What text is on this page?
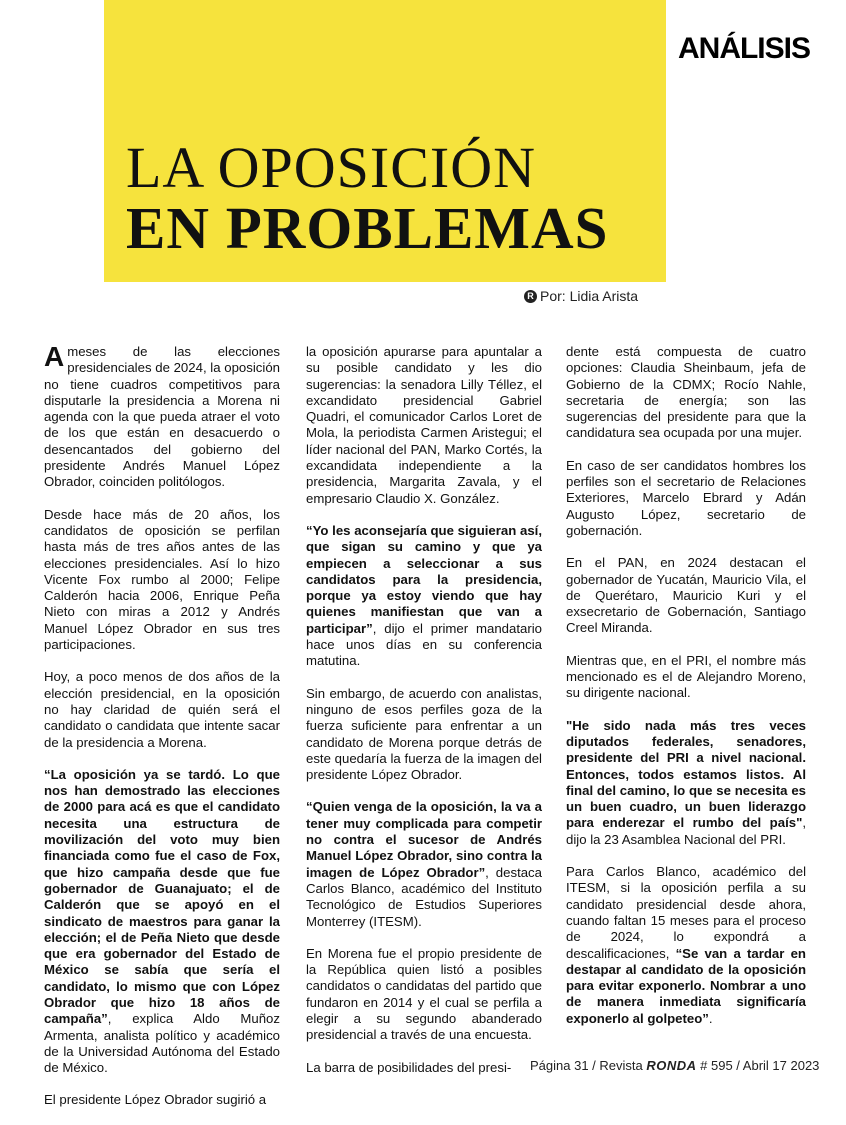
LA OPOSICIÓN
EN PROBLEMAS
ANÁLISIS
R Por: Lidia Arista

A meses de las elecciones presidenciales de 2024, la oposición no tiene cuadros competitivos para disputarle la presidencia a Morena ni agenda con la que pueda atraer el voto de los que están en desacuerdo o desencantados del gobierno del presidente Andrés Manuel López Obrador, coinciden politólogos.

Desde hace más de 20 años, los candidatos de oposición se perfilan hasta más de tres años antes de las elecciones presidenciales. Así lo hizo Vicente Fox rumbo al 2000; Felipe Calderón hacia 2006, Enrique Peña Nieto con miras a 2012 y Andrés Manuel López Obrador en sus tres participaciones.

Hoy, a poco menos de dos años de la elección presidencial, en la oposición no hay claridad de quién será el candidato o candidata que intente sacar de la presidencia a Morena.

“La oposición ya se tardó. Lo que nos han demostrado las elecciones de 2000 para acá es que el candidato necesita una estructura de movilización del voto muy bien financiada como fue el caso de Fox, que hizo campaña desde que fue gobernador de Guanajuato; el de Calderón que se apoyó en el sindicato de maestros para ganar la elección; el de Peña Nieto que desde que era gobernador del Estado de México se sabía que sería el candidato, lo mismo que con López Obrador que hizo 18 años de campaña”, explica Aldo Muñoz Armenta, analista político y académico de la Universidad Autónoma del Estado de México.

El presidente López Obrador sugirió a

la oposición apurarse para apuntalar a su posible candidato y les dio sugerencias: la senadora Lilly Téllez, el excandidato presidencial Gabriel Quadri, el comunicador Carlos Loret de Mola, la periodista Carmen Aristegui; el líder nacional del PAN, Marko Cortés, la excandidata independiente a la presidencia, Margarita Zavala, y el empresario Claudio X. González.

“Yo les aconsejaría que siguieran así, que sigan su camino y que ya empiecen a seleccionar a sus candidatos para la presidencia, porque ya estoy viendo que hay quienes manifiestan que van a participar”, dijo el primer mandatario hace unos días en su conferencia matutina.

Sin embargo, de acuerdo con analistas, ninguno de esos perfiles goza de la fuerza suficiente para enfrentar a un candidato de Morena porque detrás de este quedaría la fuerza de la imagen del presidente López Obrador.

“Quien venga de la oposición, la va a tener muy complicada para competir no contra el sucesor de Andrés Manuel López Obrador, sino contra la imagen de López Obrador”, destaca Carlos Blanco, académico del Instituto Tecnológico de Estudios Superiores Monterrey (ITESM).

En Morena fue el propio presidente de la República quien listó a posibles candidatos o candidatas del partido que fundaron en 2014 y el cual se perfila a elegir a su segundo abanderado presidencial a través de una encuesta.

La barra de posibilidades del presi-

dente está compuesta de cuatro opciones: Claudia Sheinbaum, jefa de Gobierno de la CDMX; Rocío Nahle, secretaria de energía; son las sugerencias del presidente para que la candidatura sea ocupada por una mujer.

En caso de ser candidatos hombres los perfiles son el secretario de Relaciones Exteriores, Marcelo Ebrard y Adán Augusto López, secretario de gobernación.

En el PAN, en 2024 destacan el gobernador de Yucatán, Mauricio Vila, el de Querétaro, Mauricio Kuri y el exsecretario de Gobernación, Santiago Creel Miranda.

Mientras que, en el PRI, el nombre más mencionado es el de Alejandro Moreno, su dirigente nacional.

"He sido nada más tres veces diputados federales, senadores, presidente del PRI a nivel nacional. Entonces, todos estamos listos. Al final del camino, lo que se necesita es un buen cuadro, un buen liderazgo para enderezar el rumbo del país", dijo la 23 Asamblea Nacional del PRI.

Para Carlos Blanco, académico del ITESM, si la oposición perfila a su candidato presidencial desde ahora, cuando faltan 15 meses para el proceso de 2024, lo expondrá a descalificaciones, “Se van a tardar en destapar al candidato de la oposición para evitar exponerlo. Nombrar a uno de manera inmediata significaría exponerlo al golpeteo”.

Página 31 / Revista RONDA # 595 / Abril 17 2023
